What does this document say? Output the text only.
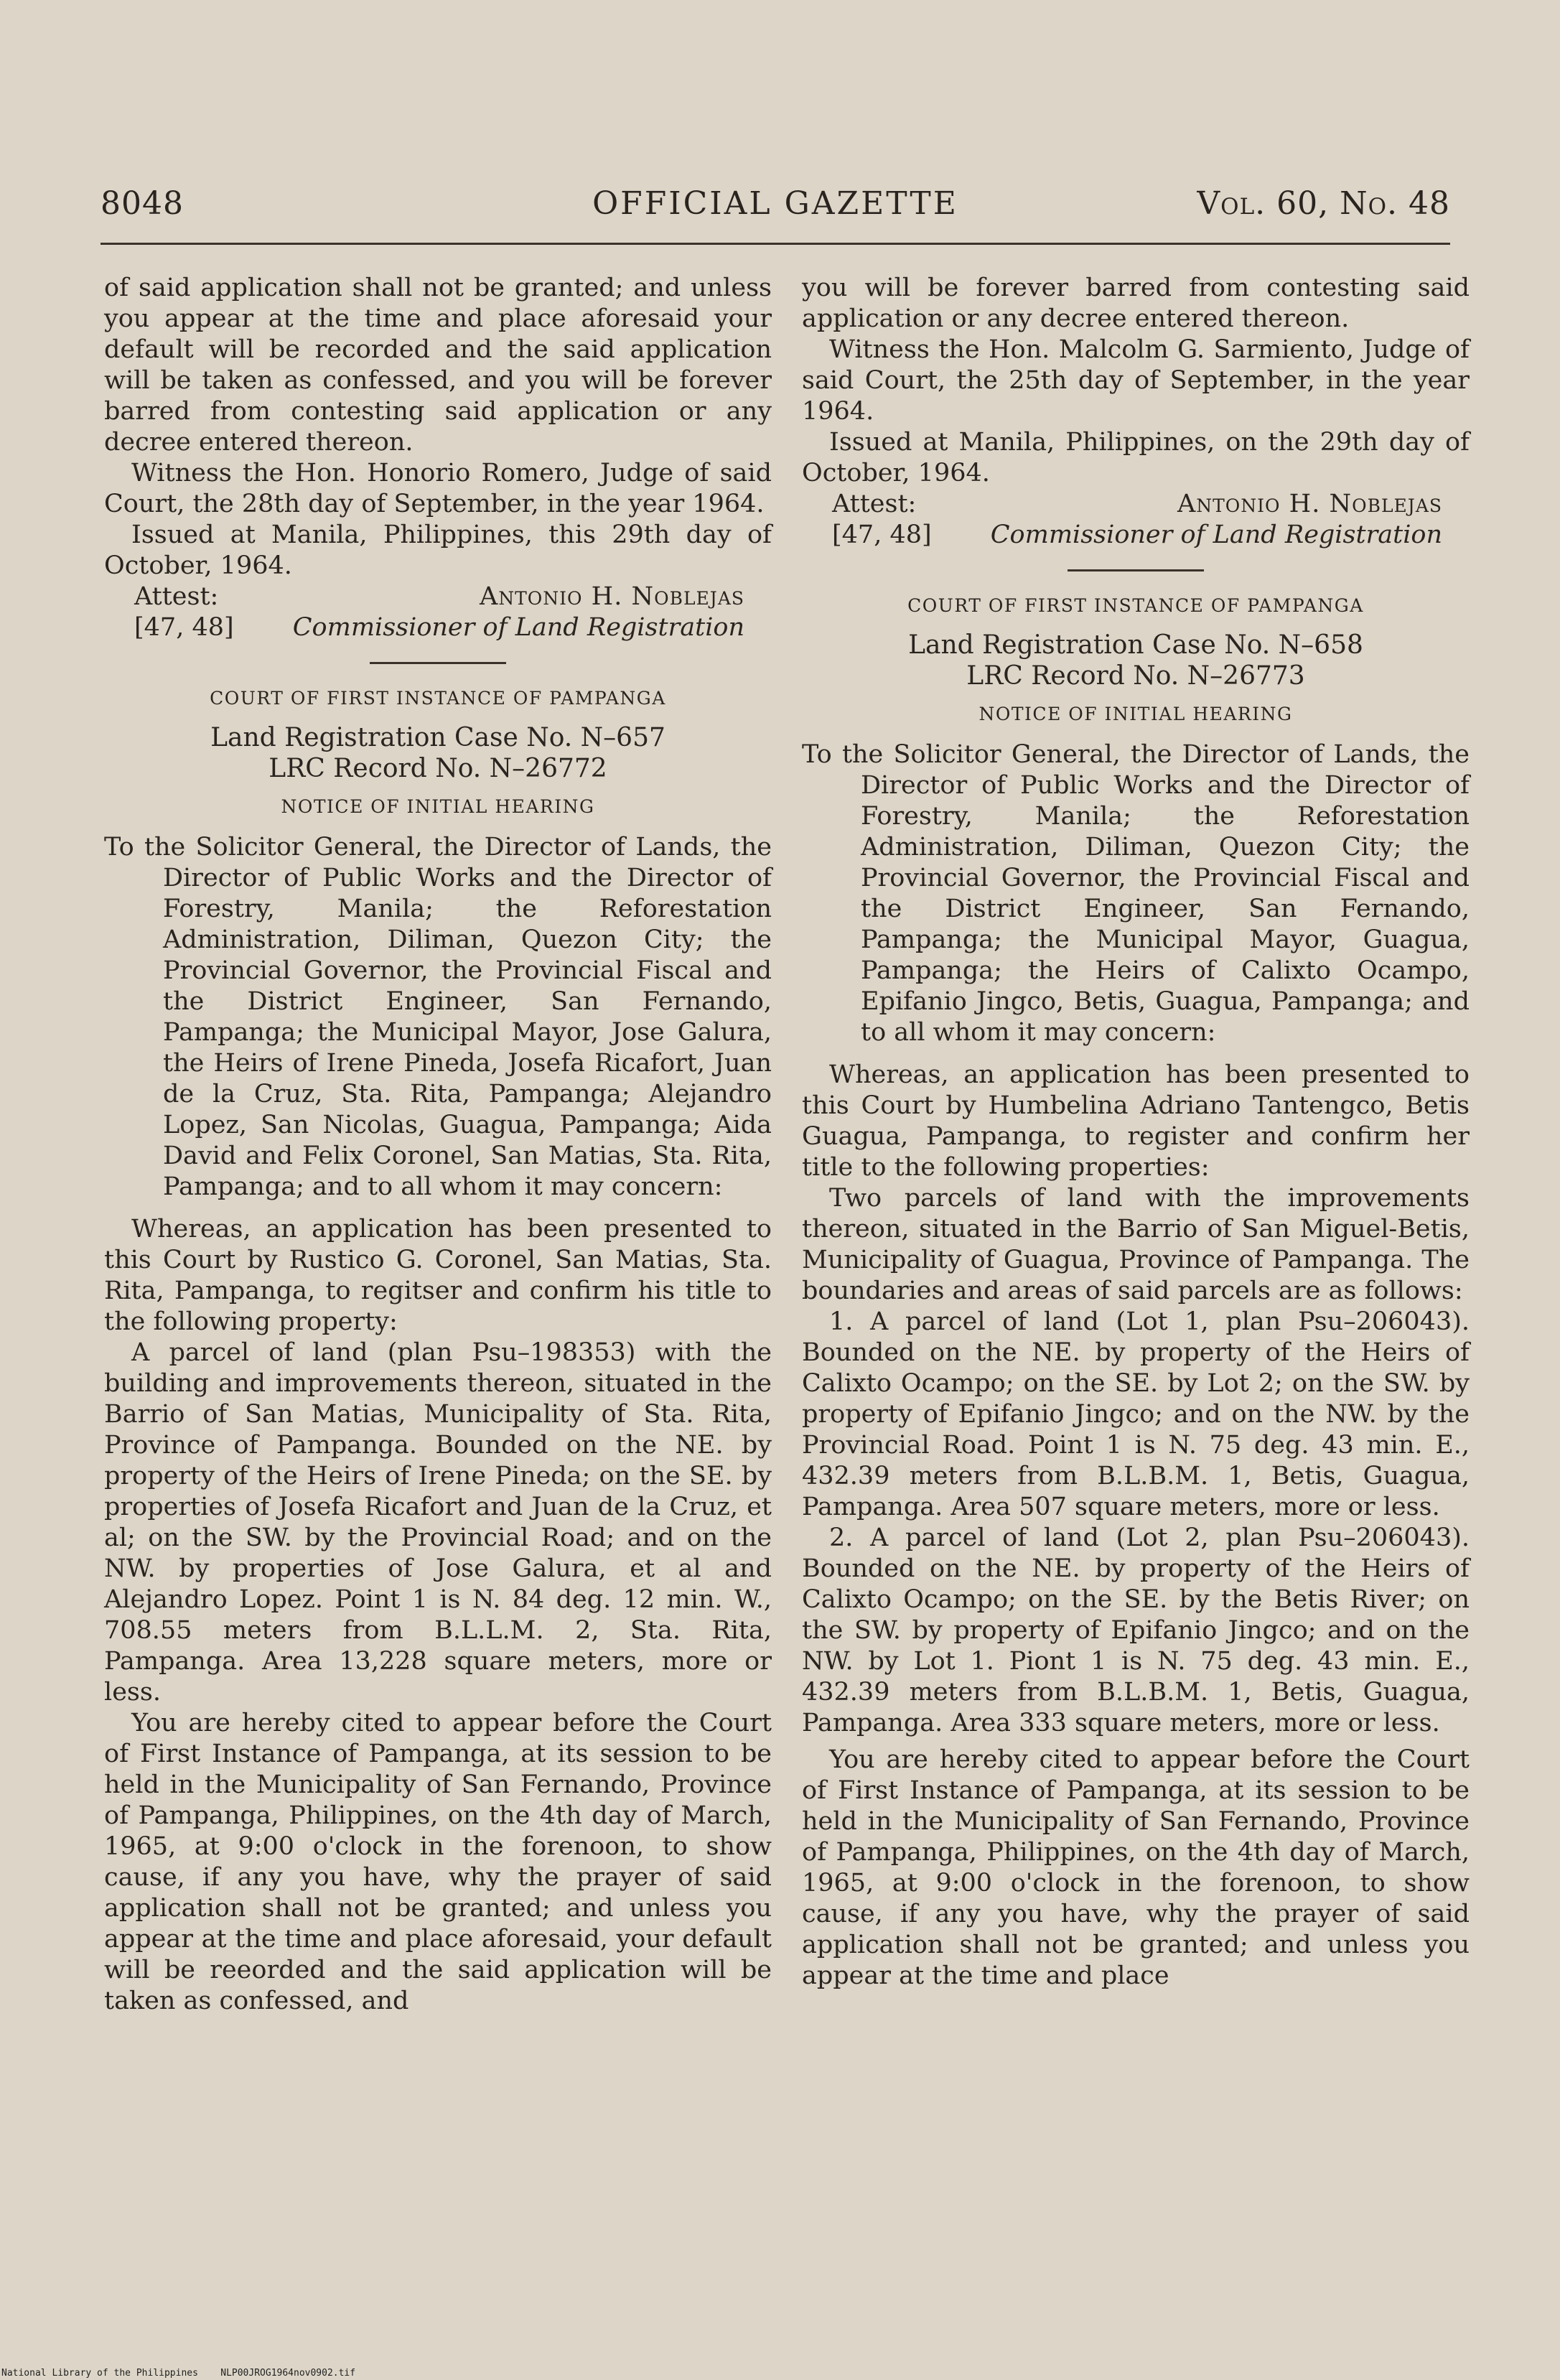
8048	OFFICIAL GAZETTE	Vol. 60, No. 48

of said application shall not be granted; and unless you appear at the time and place aforesaid your default will be recorded and the said application will be taken as confessed, and you will be forever barred from contesting said application or any decree entered thereon.

Witness the Hon. Honorio Romero, Judge of said Court, the 28th day of September, in the year 1964.

Issued at Manila, Philippines, this 29th day of October, 1964.

Attest:	Antonio H. Noblejas
[47, 48] Commissioner of Land Registration
COURT OF FIRST INSTANCE OF PAMPANGA
Land Registration Case No. N–657
LRC Record No. N–26772
NOTICE OF INITIAL HEARING

To the Solicitor General, the Director of Lands, the Director of Public Works and the Director of Forestry, Manila; the Reforestation Administration, Diliman, Quezon City; the Provincial Governor, the Provincial Fiscal and the District Engineer, San Fernando, Pampanga; the Municipal Mayor, Jose Galura, the Heirs of Irene Pineda, Josefa Ricafort, Juan de la Cruz, Sta. Rita, Pampanga; Alejandro Lopez, San Nicolas, Guagua, Pampanga; Aida David and Felix Coronel, San Matias, Sta. Rita, Pampanga; and to all whom it may concern:

Whereas, an application has been presented to this Court by Rustico G. Coronel, San Matias, Sta. Rita, Pampanga, to regitser and confirm his title to the following property:

A parcel of land (plan Psu–198353) with the building and improvements thereon, situated in the Barrio of San Matias, Municipality of Sta. Rita, Province of Pampanga. Bounded on the NE. by property of the Heirs of Irene Pineda; on the SE. by properties of Josefa Ricafort and Juan de la Cruz, et al; on the SW. by the Provincial Road; and on the NW. by properties of Jose Galura, et al and Alejandro Lopez. Point 1 is N. 84 deg. 12 min. W., 708.55 meters from B.L.L.M. 2, Sta. Rita, Pampanga. Area 13,228 square meters, more or less.

You are hereby cited to appear before the Court of First Instance of Pampanga, at its session to be held in the Municipality of San Fernando, Province of Pampanga, Philippines, on the 4th day of March, 1965, at 9:00 o'clock in the forenoon, to show cause, if any you have, why the prayer of said application shall not be granted; and unless you appear at the time and place aforesaid, your default will be reeorded and the said application will be taken as confessed, and

you will be forever barred from contesting said application or any decree entered thereon.

Witness the Hon. Malcolm G. Sarmiento, Judge of said Court, the 25th day of September, in the year 1964.

Issued at Manila, Philippines, on the 29th day of October, 1964.

Attest:	Antonio H. Noblejas
[47, 48] Commissioner of Land Registration
COURT OF FIRST INSTANCE OF PAMPANGA
Land Registration Case No. N–658
LRC Record No. N–26773
NOTICE OF INITIAL HEARING

To the Solicitor General, the Director of Lands, the Director of Public Works and the Director of Forestry, Manila; the Reforestation Administration, Diliman, Quezon City; the Provincial Governor, the Provincial Fiscal and the District Engineer, San Fernando, Pampanga; the Municipal Mayor, Guagua, Pampanga; the Heirs of Calixto Ocampo, Epifanio Jingco, Betis, Guagua, Pampanga; and to all whom it may concern:

Whereas, an application has been presented to this Court by Humbelina Adriano Tantengco, Betis Guagua, Pampanga, to register and confirm her title to the following properties:

Two parcels of land with the improvements thereon, situated in the Barrio of San Miguel-Betis, Municipality of Guagua, Province of Pampanga. The boundaries and areas of said parcels are as follows:

1. A parcel of land (Lot 1, plan Psu–206043). Bounded on the NE. by property of the Heirs of Calixto Ocampo; on the SE. by Lot 2; on the SW. by property of Epifanio Jingco; and on the NW. by the Provincial Road. Point 1 is N. 75 deg. 43 min. E., 432.39 meters from B.L.B.M. 1, Betis, Guagua, Pampanga. Area 507 square meters, more or less.

2. A parcel of land (Lot 2, plan Psu–206043). Bounded on the NE. by property of the Heirs of Calixto Ocampo; on the SE. by the Betis River; on the SW. by property of Epifanio Jingco; and on the NW. by Lot 1. Piont 1 is N. 75 deg. 43 min. E., 432.39 meters from B.L.B.M. 1, Betis, Guagua, Pampanga. Area 333 square meters, more or less.

You are hereby cited to appear before the Court of First Instance of Pampanga, at its session to be held in the Municipality of San Fernando, Province of Pampanga, Philippines, on the 4th day of March, 1965, at 9:00 o'clock in the forenoon, to show cause, if any you have, why the prayer of said application shall not be granted; and unless you appear at the time and place

National Library of the Philippines NLP00JROG1964nov0902.tif
